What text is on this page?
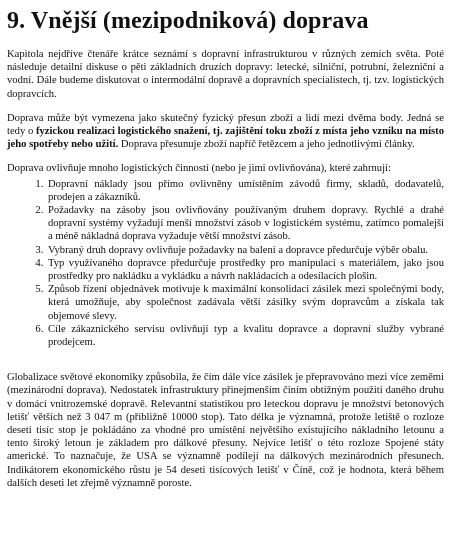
9. Vnější (mezipodniková) doprava

Kapitola nejdříve čtenáře krátce seznámí s dopravní infrastrukturou v různých zemích světa. Poté následuje detailní diskuse o pěti základních druzích dopravy: letecké, silniční, potrubní, železniční a vodní. Dále budeme diskutovat o intermodální dopravě a dopravních specialistech, tj. tzv. logistických dopravcích.

Doprava může být vymezena jako skutečný fyzický přesun zboží a lidí mezi dvěma body. Jedná se tedy o fyzickou realizaci logistického snažení, tj. zajištění toku zboží z místa jeho vzniku na místo jeho spotřeby nebo užití. Doprava přesunuje zboží napříč řetězcem a jeho jednotlivými články.

Doprava ovlivňuje mnoho logistických činností (nebo je jimi ovlivňována), které zahrnují:

1. Dopravní náklady jsou přímo ovlivněny umístěním závodů firmy, skladů, dodavatelů, prodejen a zákazníků.
2. Požadavky na zásoby jsou ovlivňovány používaným druhem dopravy. Rychlé a drahé dopravní systémy vyžadují menší množství zásob v logistickém systému, zatímco pomalejší a méně nákladná doprava vyžaduje větší množství zásob.
3. Vybraný druh dopravy ovlivňuje požadavky na balení a dopravce předurčuje výběr obalu.
4. Typ využívaného dopravce předurčuje prostředky pro manipulaci s materiálem, jako jsou prostředky pro nakládku a vykládku a návrh nakládacích a odesílacích plošin.
5. Způsob řízení objednávek motivuje k maximální konsolidaci zásilek mezi společnými body, která umožňuje, aby společnost zadávala větší zásilky svým dopravcům a získala tak objemové slevy.
6. Cíle zákaznického servisu ovlivňují typ a kvalitu dopravce a dopravní služby vybrané prodejcem.

Globalizace světové ekonomiky způsobila, že čím dále více zásilek je přepravováno mezi více zeměmi (mezinárodní doprava). Nedostatek infrastruktury přinejmenším činím obtížným použití daného druhu v domácí vnitrozemské dopravě. Relevantní statistikou pro leteckou dopravu je množství betonových letišť větších než 3 047 m (přibližně 10000 stop). Tato délka je významná, protože letiště o rozloze deseti tisíc stop je pokládáno za vhodné pro umístění největšího existujícího nákladního letounu a tento široký letoun je základem pro dálkové přesuny. Nejvíce letišť o této rozloze Spojené státy americké. To naznačuje, že USA se významně podílejí na dálkových mezinárodních přesunech. Indikátorem ekonomického růstu je 54 deseti tisícových letišť v Číně, což je hodnota, která během dalších deseti let zřejmě významně poroste.
